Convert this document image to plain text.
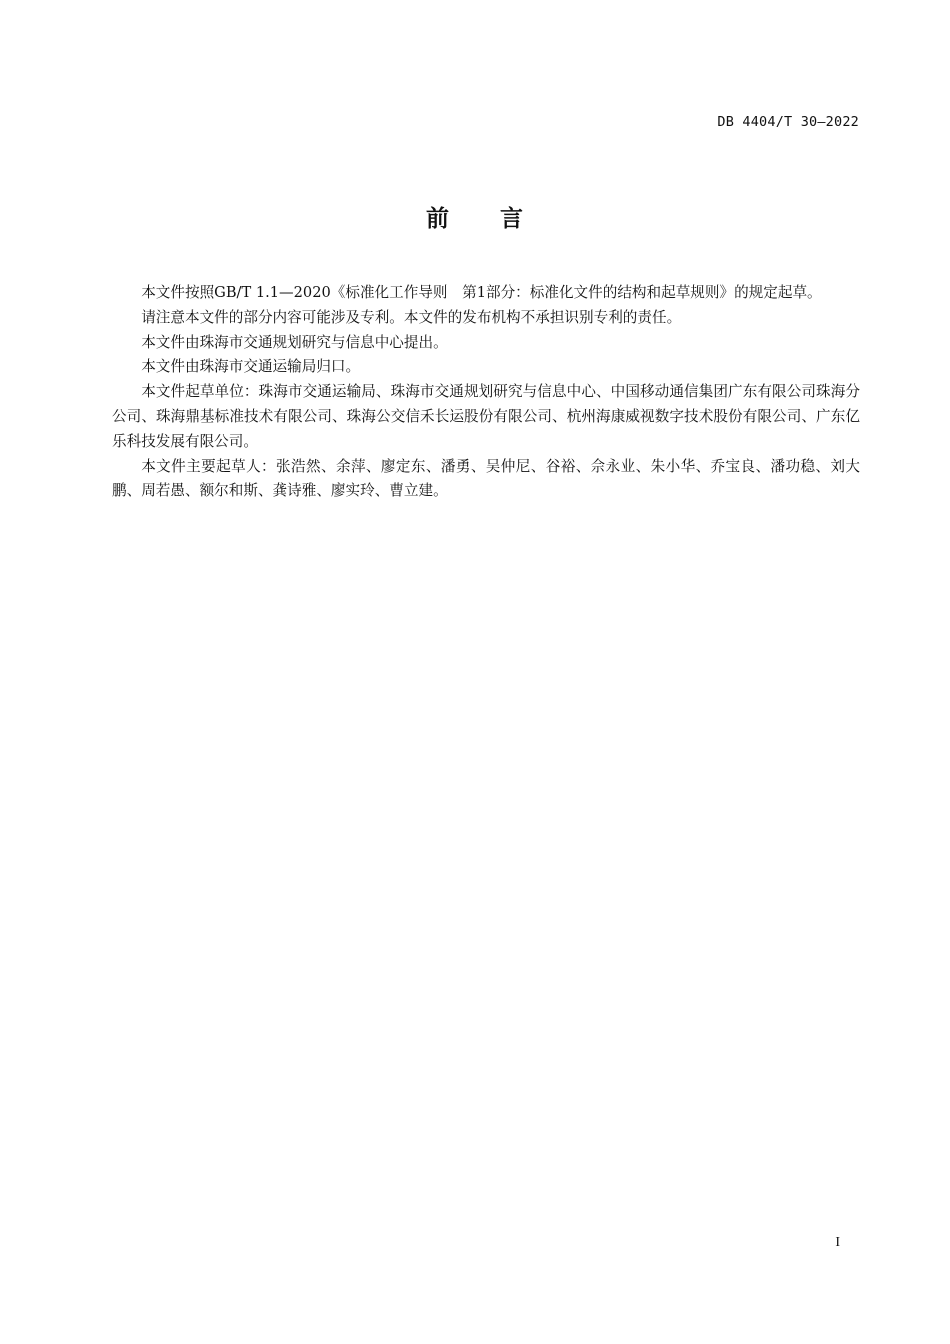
DB 4404/T 30—2022
前 言

本文件按照GB/T 1.1—2020《标准化工作导则　第1部分：标准化文件的结构和起草规则》的规定起草。

请注意本文件的部分内容可能涉及专利。本文件的发布机构不承担识别专利的责任。

本文件由珠海市交通规划研究与信息中心提出。

本文件由珠海市交通运输局归口。

本文件起草单位：珠海市交通运输局、珠海市交通规划研究与信息中心、中国移动通信集团广东有限公司珠海分公司、珠海鼎基标准技术有限公司、珠海公交信禾长运股份有限公司、杭州海康威视数字技术股份有限公司、广东亿乐科技发展有限公司。

本文件主要起草人：张浩然、余萍、廖定东、潘勇、吴仲尼、谷裕、佘永业、朱小华、乔宝良、潘功稳、刘大鹏、周若愚、额尔和斯、龚诗雅、廖实玲、曹立建。

I
